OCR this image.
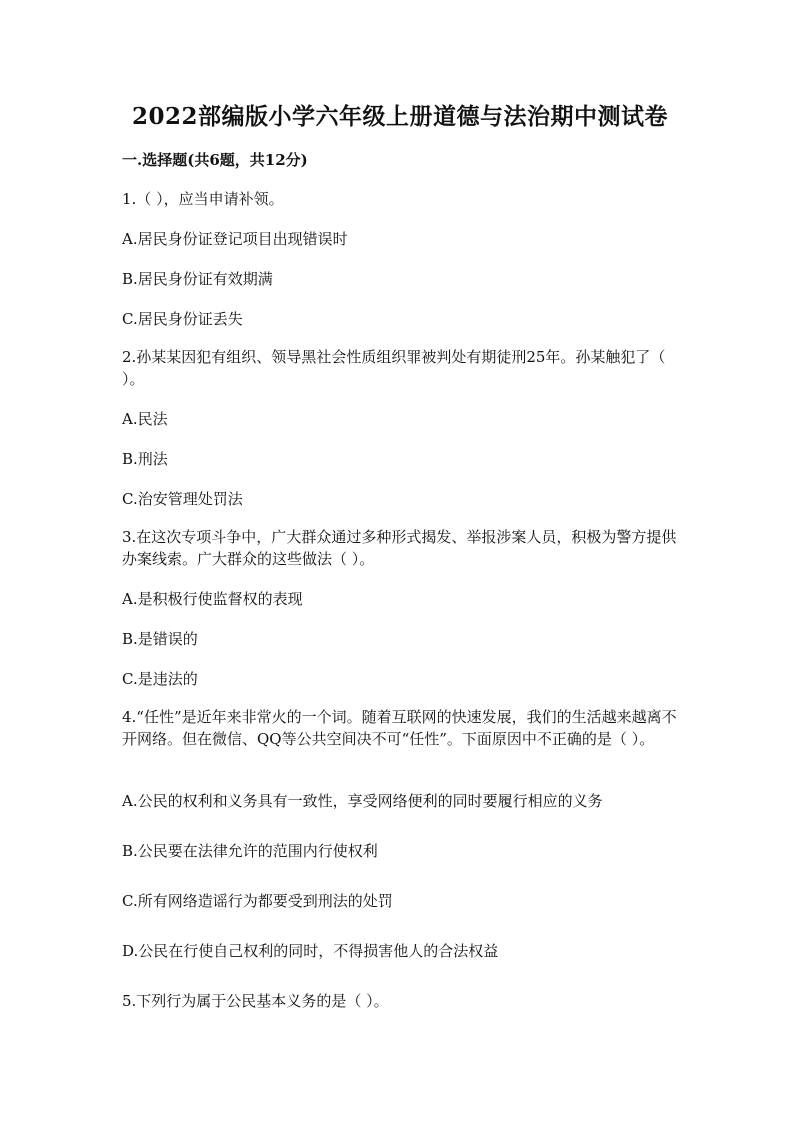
2022部编版小学六年级上册道德与法治期中测试卷
一.选择题(共6题，共12分)
1.（ ），应当申请补领。
A.居民身份证登记项目出现错误时
B.居民身份证有效期满
C.居民身份证丢失
2.孙某某因犯有组织、领导黑社会性质组织罪被判处有期徒刑25年。孙某触犯了（ ）。
A.民法
B.刑法
C.治安管理处罚法
3.在这次专项斗争中，广大群众通过多种形式揭发、举报涉案人员，积极为警方提供办案线索。广大群众的这些做法（ ）。
A.是积极行使监督权的表现
B.是错误的
C.是违法的
4.“任性”是近年来非常火的一个词。随着互联网的快速发展，我们的生活越来越离不开网络。但在微信、QQ等公共空间决不可“任性”。下面原因中不正确的是（ ）。
A.公民的权利和义务具有一致性，享受网络便利的同时要履行相应的义务
B.公民要在法律允许的范围内行使权利
C.所有网络造谣行为都要受到刑法的处罚
D.公民在行使自己权利的同时，不得损害他人的合法权益
5.下列行为属于公民基本义务的是（ ）。
